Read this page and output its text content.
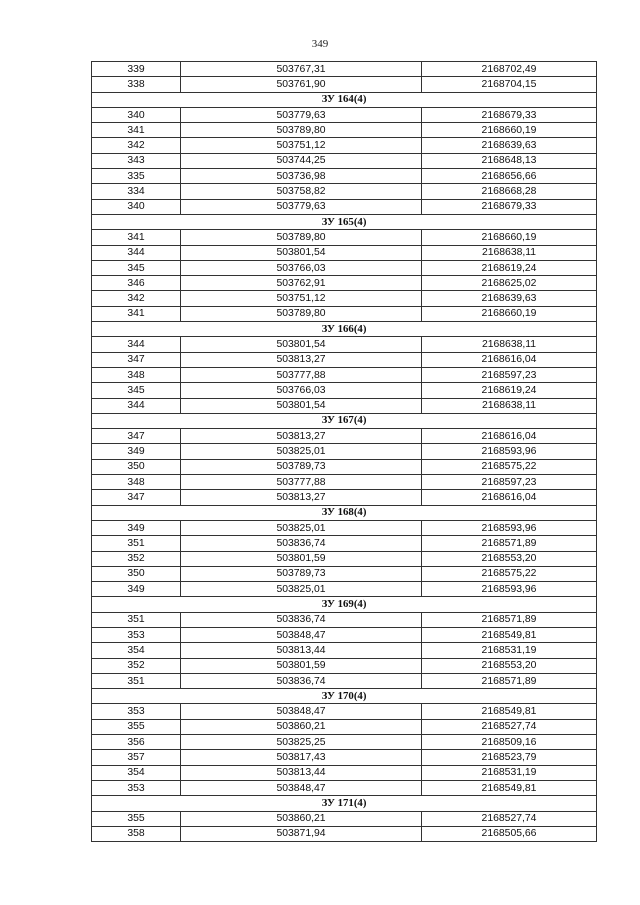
349
339	503767,31	2168702,49
338	503761,90	2168704,15
ЗУ 164(4)		
340	503779,63	2168679,33
341	503789,80	2168660,19
342	503751,12	2168639,63
343	503744,25	2168648,13
335	503736,98	2168656,66
334	503758,82	2168668,28
340	503779,63	2168679,33
ЗУ 165(4)		
341	503789,80	2168660,19
344	503801,54	2168638,11
345	503766,03	2168619,24
346	503762,91	2168625,02
342	503751,12	2168639,63
341	503789,80	2168660,19
ЗУ 166(4)		
344	503801,54	2168638,11
347	503813,27	2168616,04
348	503777,88	2168597,23
345	503766,03	2168619,24
344	503801,54	2168638,11
ЗУ 167(4)		
347	503813,27	2168616,04
349	503825,01	2168593,96
350	503789,73	2168575,22
348	503777,88	2168597,23
347	503813,27	2168616,04
ЗУ 168(4)		
349	503825,01	2168593,96
351	503836,74	2168571,89
352	503801,59	2168553,20
350	503789,73	2168575,22
349	503825,01	2168593,96
ЗУ 169(4)		
351	503836,74	2168571,89
353	503848,47	2168549,81
354	503813,44	2168531,19
352	503801,59	2168553,20
351	503836,74	2168571,89
ЗУ 170(4)		
353	503848,47	2168549,81
355	503860,21	2168527,74
356	503825,25	2168509,16
357	503817,43	2168523,79
354	503813,44	2168531,19
353	503848,47	2168549,81
ЗУ 171(4)		
355	503860,21	2168527,74
358	503871,94	2168505,66
